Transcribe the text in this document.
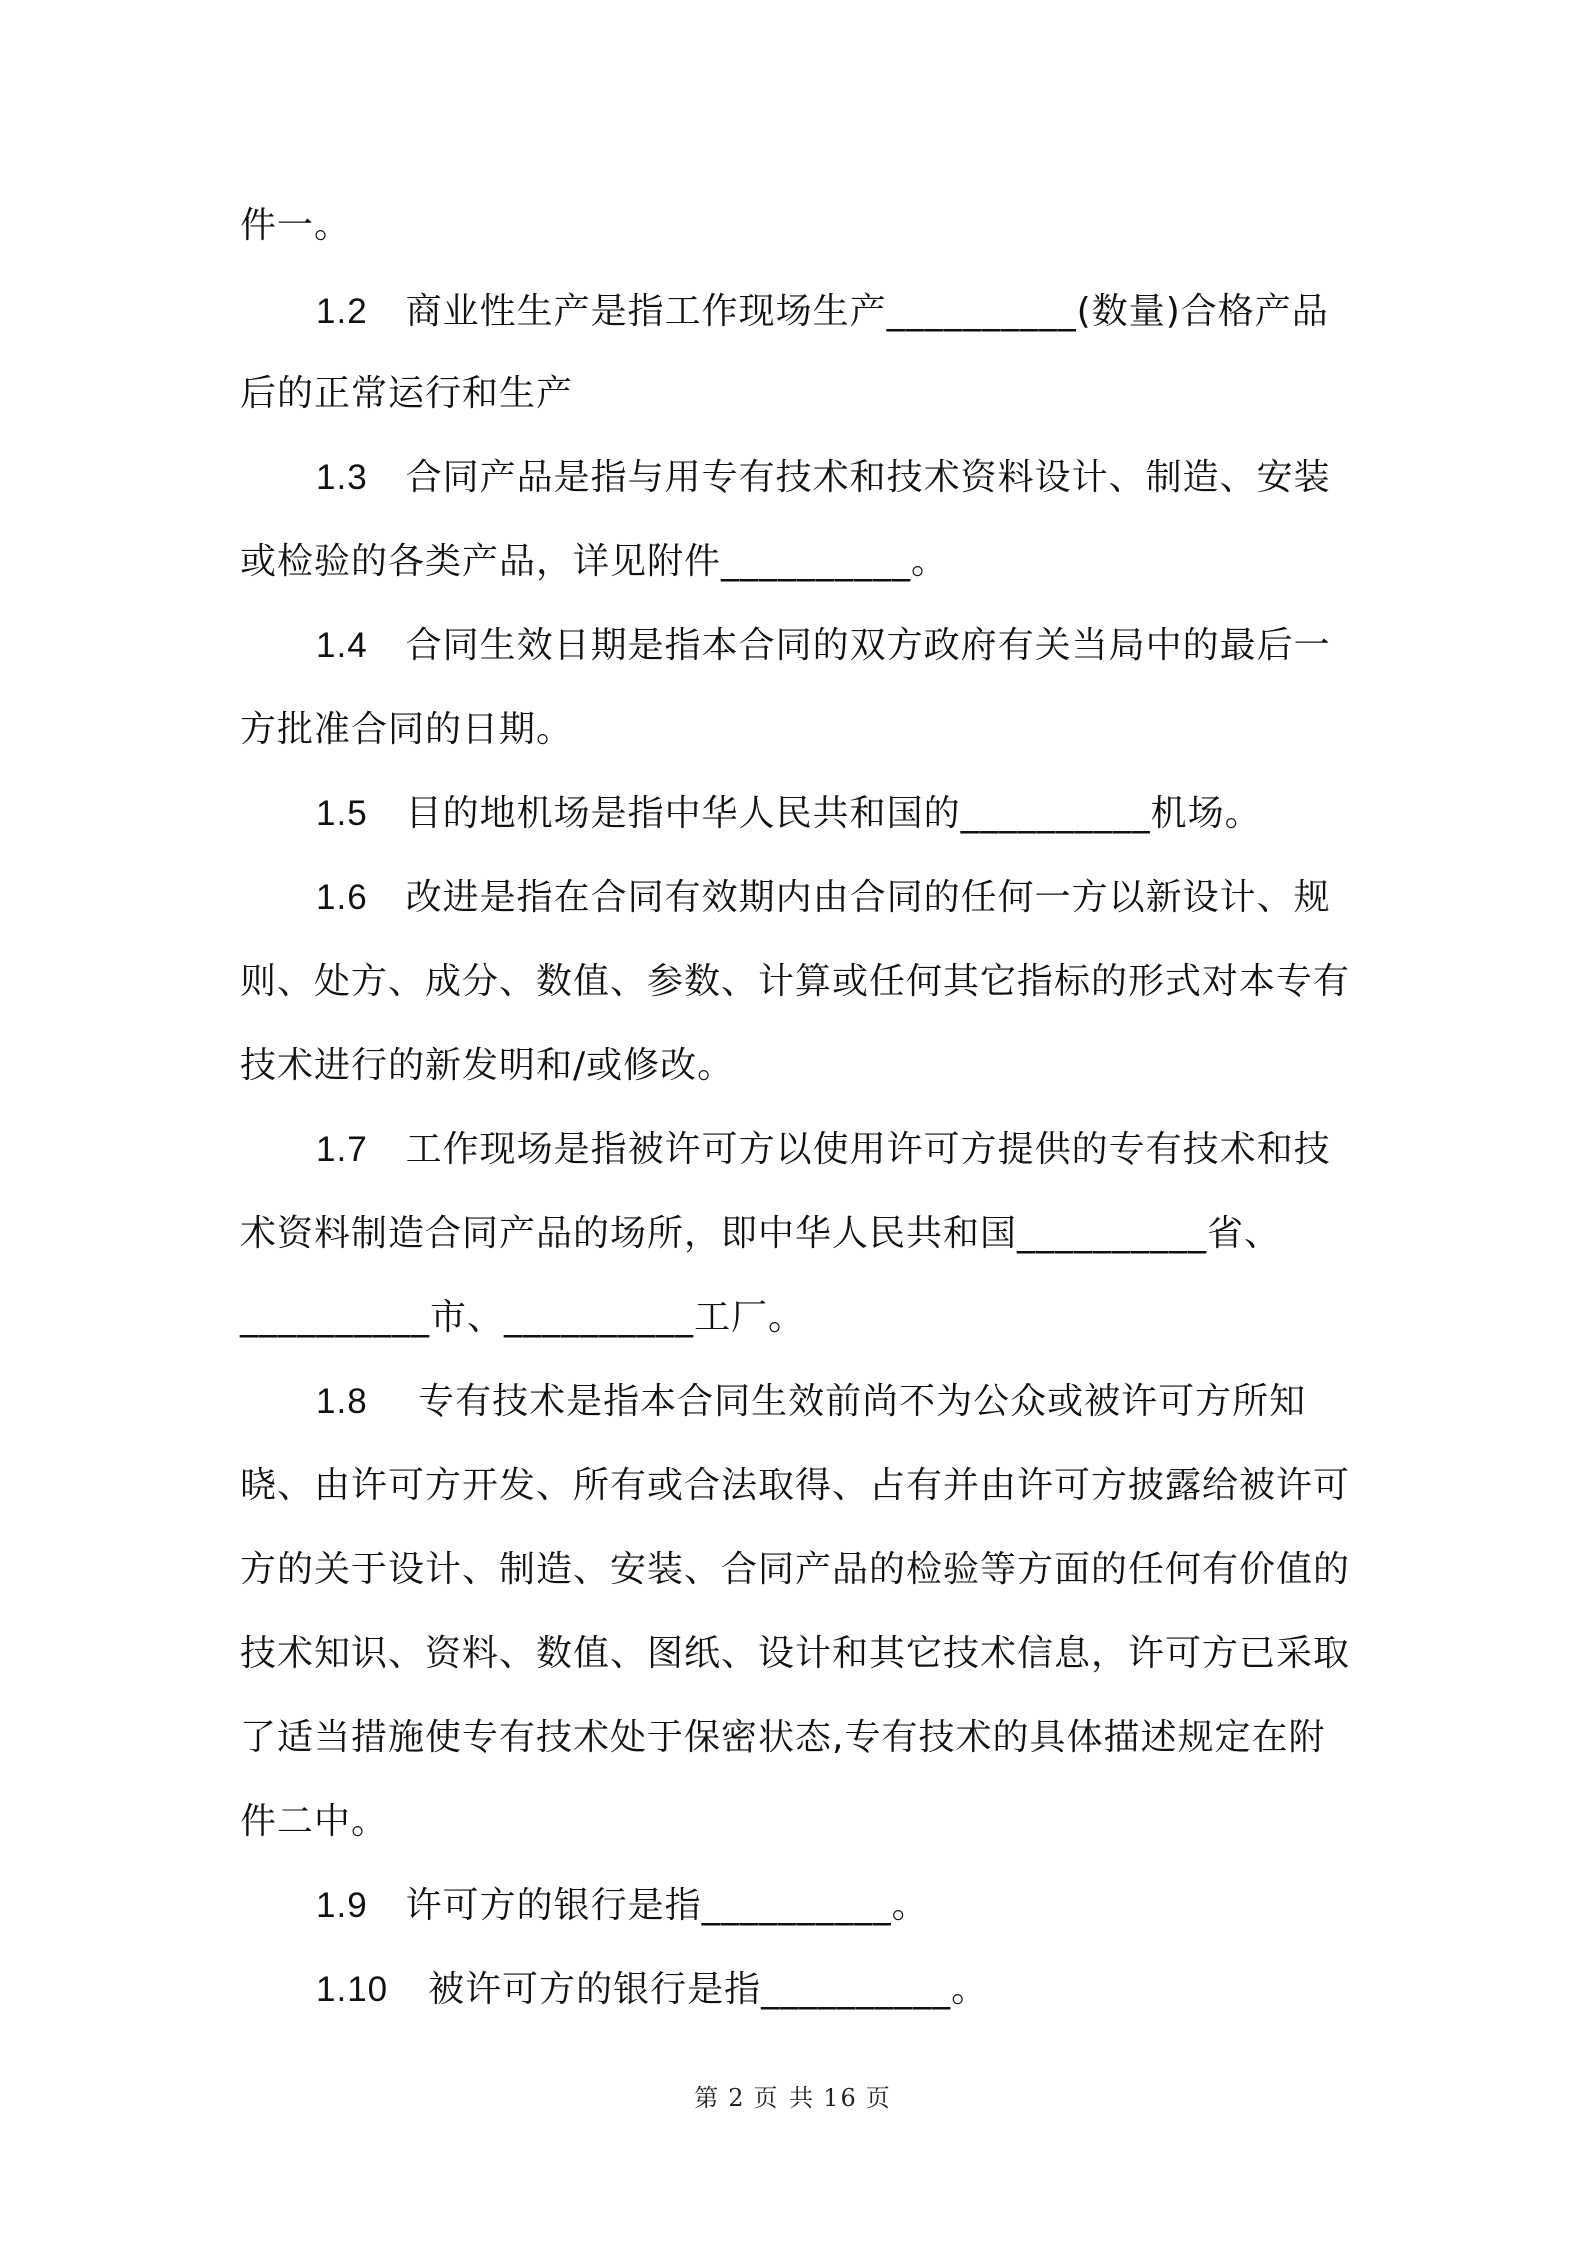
件一。
1.2 商业性生产是指工作现场生产__________(数量)合格产品
后的正常运行和生产
1.3 合同产品是指与用专有技术和技术资料设计、制造、安装
或检验的各类产品，详见附件__________。
1.4 合同生效日期是指本合同的双方政府有关当局中的最后一
方批准合同的日期。
1.5 目的地机场是指中华人民共和国的__________机场。
1.6 改进是指在合同有效期内由合同的任何一方以新设计、规
则、处方、成分、数值、参数、计算或任何其它指标的形式对本专有
技术进行的新发明和/或修改。
1.7 工作现场是指被许可方以使用许可方提供的专有技术和技
术资料制造合同产品的场所，即中华人民共和国__________省、
__________市、__________工厂。
1.8 专有技术是指本合同生效前尚不为公众或被许可方所知
晓、由许可方开发、所有或合法取得、占有并由许可方披露给被许可
方的关于设计、制造、安装、合同产品的检验等方面的任何有价值的
技术知识、资料、数值、图纸、设计和其它技术信息，许可方已采取
了适当措施使专有技术处于保密状态,专有技术的具体描述规定在附
件二中。
1.9 许可方的银行是指__________。
1.10 被许可方的银行是指__________。
第 2 页 共 16 页
